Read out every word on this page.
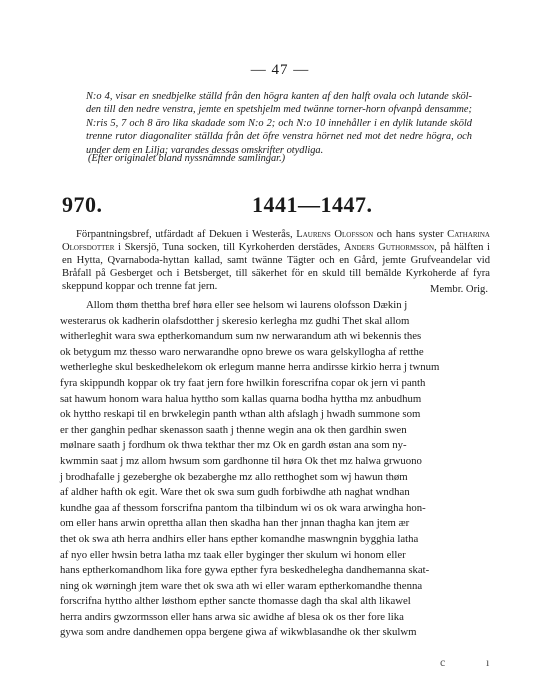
— 47 —

N:o 4, visar en snedbjelke ställd från den högra kanten af den halft ovala och lutande sköl-den till den nedre venstra, jemte en spetshjelm med twänne torner-horn ofvanpå densamme; N:ris 5, 7 och 8 äro lika skadade som N:o 2; och N:o 10 innehåller i en dylik lutande sköld trenne rutor diagonaliter ställda från det öfre venstra hörnet ned mot det nedre högra, och under dem en Lilja; varandes dessas omskrifter otydliga.

(Efter originalet bland nyssnämnde samlingar.)

970.	1441—1447.

Förpantningsbref, utfärdadt af Dekuen i Westerås, Laurens Olofsson och hans syster Catharina Olofsdotter i Skersjö, Tuna socken, till Kyrkoherden derstädes, Anders Guthormsson, på hälften i en Hytta, Qvarnaboda-hyttan kallad, samt twänne Tägter och en Gård, jemte Grufveandelar vid Bråfall på Gesberget och i Betsberget, till säkerhet för en skuld till bemälde Kyrkoherde af fyra skeppund koppar och trenne fat jern.	Membr. Orig.
Allom thøm thettha bref høra eller see helsom wi laurens olofsson Dækin j
westerarus ok kadherin olafsdotther j skeresio kerlegha mz gudhi Thet skal allom
witherleghit wara swa eptherkomandum sum nw nerwarandum ath wi bekennis thes
ok betygum mz thesso waro nerwarandhe opno brewe os wara gelskyllogha af retthe
wetherleghe skul beskedhelekom ok erlegum manne herra andirsse kirkio herra j twnum
fyra skippundh koppar ok try faat jern fore hwilkin forescrifna copar ok jern vi panth
sat hawum honom wara halua hyttho som kallas quarna bodha hyttha mz anbudhum
ok hyttho reskapi til en brwkelegin panth wthan alth afslagh j hwadh summone som
er ther ganghin pedhar skenasson saath j thenne wegin ana ok then gardhin swen
mølnare saath j fordhum ok thwa tekthar ther mz Ok en gardh østan ana som ny-
kwmmin saat j mz allom hwsum som gardhonne til høra Ok thet mz halwa grwuono
j brodhafalle j gezeberghe ok bezaberghe mz allo retthoghet som wj hawun thøm
af aldher hafth ok egit. Ware thet ok swa sum gudh forbiwdhe ath naghat wndhan
kundhe gaa af thessom forscrifna pantom tha tilbindum wi os ok wara arwingha hon-
om eller hans arwin oprettha allan then skadha han ther jnnan thagha kan jtem ær
thet ok swa ath herra andhirs eller hans epther komandhe maswngnin bygghia latha
af nyo eller hwsin betra latha mz taak eller byginger ther skulum wi honom eller
hans eptherkomandhom lika fore gywa epther fyra beskedhelegha dandhemanna skat-
ning ok wørningh jtem ware thet ok swa ath wi eller waram eptherkomandhe thenna
forscrifna hyttho alther løsthom epther sancte thomasse dagh tha skal alth likawel
herra andirs gwzormsson eller hans arwa sic awidhe af blesa ok os ther fore lika
gywa som andre dandhemen oppa bergene giwa af wikwblasandhe ok ther skulwm
c	ı
